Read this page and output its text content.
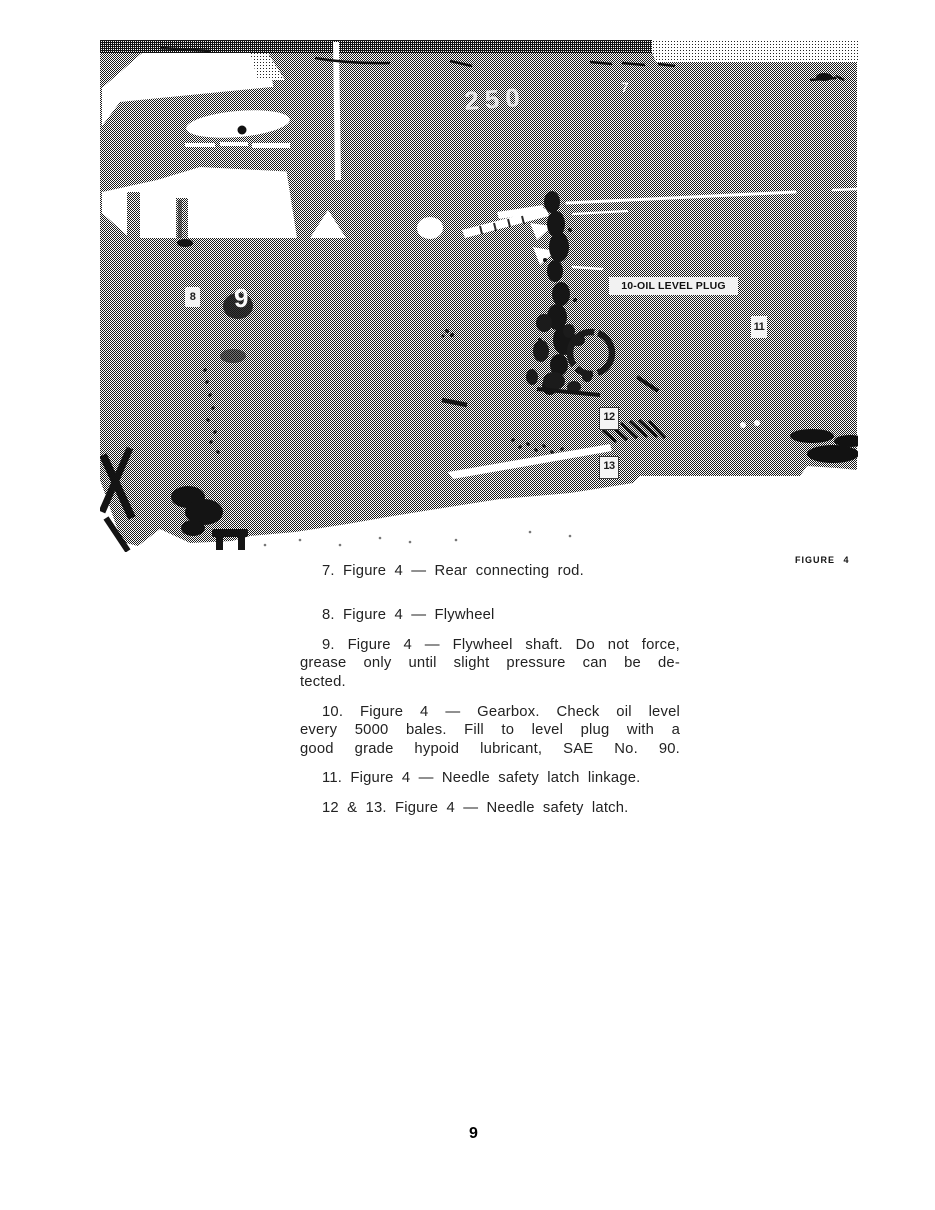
250	7
8 9	10-OIL LEVEL PLUG
11
12
13
FIGURE 4
7. Figure 4 — Rear connecting rod.
8. Figure 4 — Flywheel
9. Figure 4 — Flywheel shaft. Do not force,
grease only until slight pressure can be de-
tected.
10. Figure 4 — Gearbox. Check oil level
every 5000 bales. Fill to level plug with a
good grade hypoid lubricant, SAE No. 90.
11. Figure 4 — Needle safety latch linkage.
12 & 13. Figure 4 — Needle safety latch.
9
